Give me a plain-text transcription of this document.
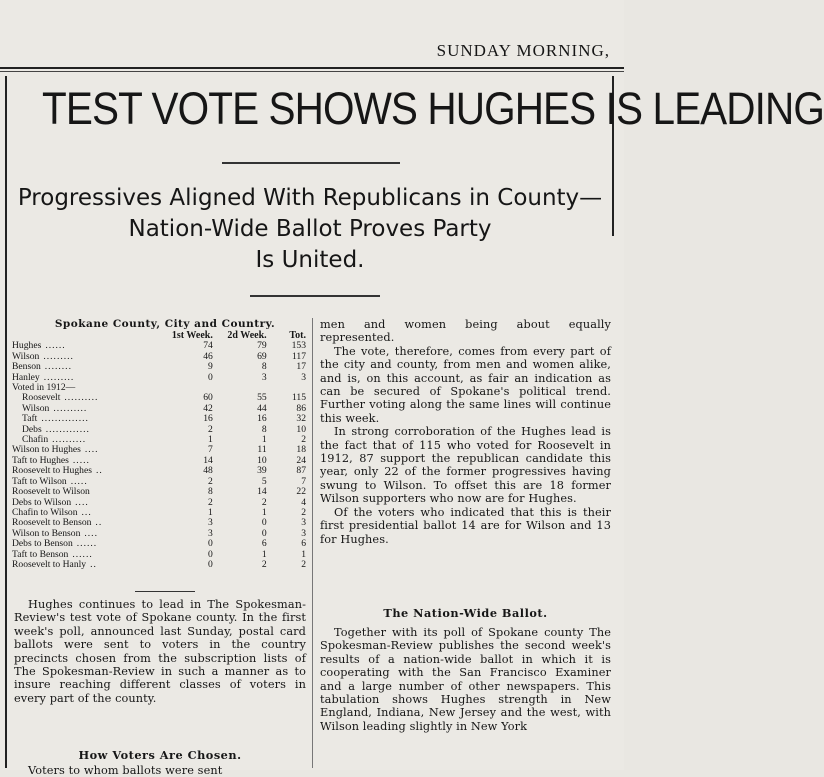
SUNDAY MORNING,
TEST VOTE SHOWS HUGHES IS LEADING
Progressives Aligned With Republicans in County—
Nation-Wide Ballot Proves Party
Is United.
Spokane County, City and Country.
	1st Week.	2d Week.	Tot.
Hughes ......	74	79	153
Wilson .........	46	69	117
Benson ........	9	8	17
Hanley .........	0	3	3
Voted in 1912—			
Roosevelt ..........	60	55	115
Wilson ..........	42	44	86
Taft ..............	16	16	32
Debs .............	2	8	10
Chafin ..........	1	1	2
Wilson to Hughes ....	7	11	18
Taft to Hughes .....	14	10	24
Roosevelt to Hughes ..	48	39	87
Taft to Wilson .....	2	5	7
Roosevelt to Wilson	8	14	22
Debs to Wilson ....	2	2	4
Chafin to Wilson ...	1	1	2
Roosevelt to Benson ..	3	0	3
Wilson to Benson ....	3	0	3
Debs to Benson ......	0	6	6
Taft to Benson ......	0	1	1
Roosevelt to Hanly ..	0	2	2

Hughes continues to lead in The Spokesman-Review's test vote of Spokane county. In the first week's poll, announced last Sunday, postal card ballots were sent to voters in the country precincts chosen from the subscription lists of The Spokesman-Review in such a manner as to insure reaching different classes of voters in every part of the county.

How Voters Are Chosen.

Voters to whom ballots were sent

men and women being about equally represented.

The vote, therefore, comes from every part of the city and county, from men and women alike, and is, on this account, as fair an indication as can be secured of Spokane's political trend. Further voting along the same lines will continue this week.

In strong corroboration of the Hughes lead is the fact that of 115 who voted for Roosevelt in 1912, 87 support the republican candidate this year, only 22 of the former progressives having swung to Wilson. To offset this are 18 former Wilson supporters who now are for Hughes.

Of the voters who indicated that this is their first presidential ballot 14 are for Wilson and 13 for Hughes.

The Nation-Wide Ballot.

Together with its poll of Spokane county The Spokesman-Review publishes the second week's results of a nation-wide ballot in which it is cooperating with the San Francisco Examiner and a large number of other newspapers. This tabulation shows Hughes strength in New England, Indiana, New Jersey and the west, with Wilson leading slightly in New York
